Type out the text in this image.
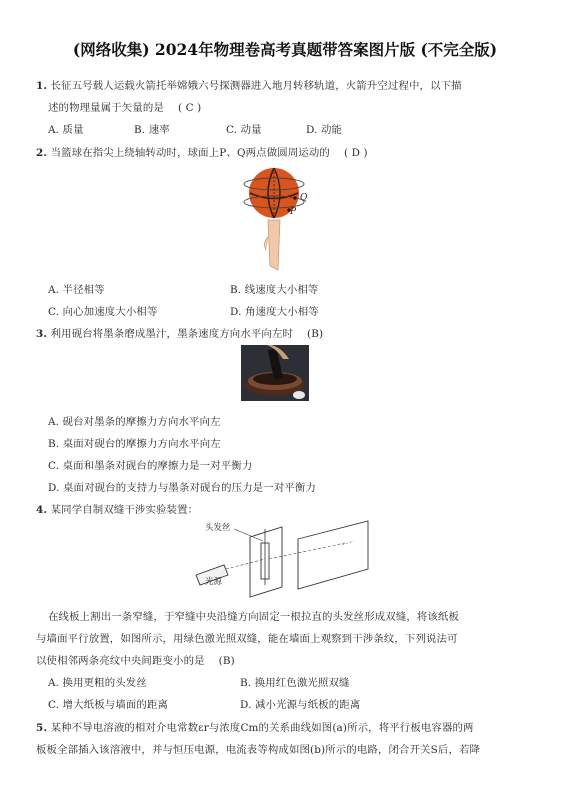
(网络收集) 2024年物理卷高考真题带答案图片版 (不完全版)
1. 长征五号载人运载火箭托举嫦娥六号探测器进入地月转移轨道，火箭升空过程中，以下描
述的物理量属于矢量的是 ( C )
A. 质量	B. 速率	C. 动量	D. 动能
2. 当篮球在指尖上绕轴转动时，球面上P、Q两点做圆周运动的 ( D )
Q
P
A. 半径相等	B. 线速度大小相等
C. 向心加速度大小相等	D. 角速度大小相等
3. 利用砚台将墨条磨成墨汁，墨条速度方向水平向左时 (B)
A. 砚台对墨条的摩擦力方向水平向左
B. 桌面对砚台的摩擦力方向水平向左
C. 桌面和墨条对砚台的摩擦力是一对平衡力
D. 桌面对砚台的支持力与墨条对砚台的压力是一对平衡力
4. 某同学自制双缝干涉实验装置：
头发丝
光源
在线板上割出一条窄缝，于窄缝中央沿缝方向固定一根拉直的头发丝形成双缝，将该纸板
与墙面平行放置，如图所示，用绿色激光照双缝，能在墙面上观察到干涉条纹，下列说法可
以使相邻两条亮纹中央间距变小的是 (B)
A. 换用更粗的头发丝	B. 换用红色激光照双缝
C. 增大纸板与墙面的距离	D. 减小光源与纸板的距离
5. 某种不导电溶液的相对介电常数εr与浓度Cm的关系曲线如图(a)所示，将平行板电容器的两
板板全部插入该溶液中，并与恒压电源，电流表等构成如图(b)所示的电路，闭合开关S后，若降
